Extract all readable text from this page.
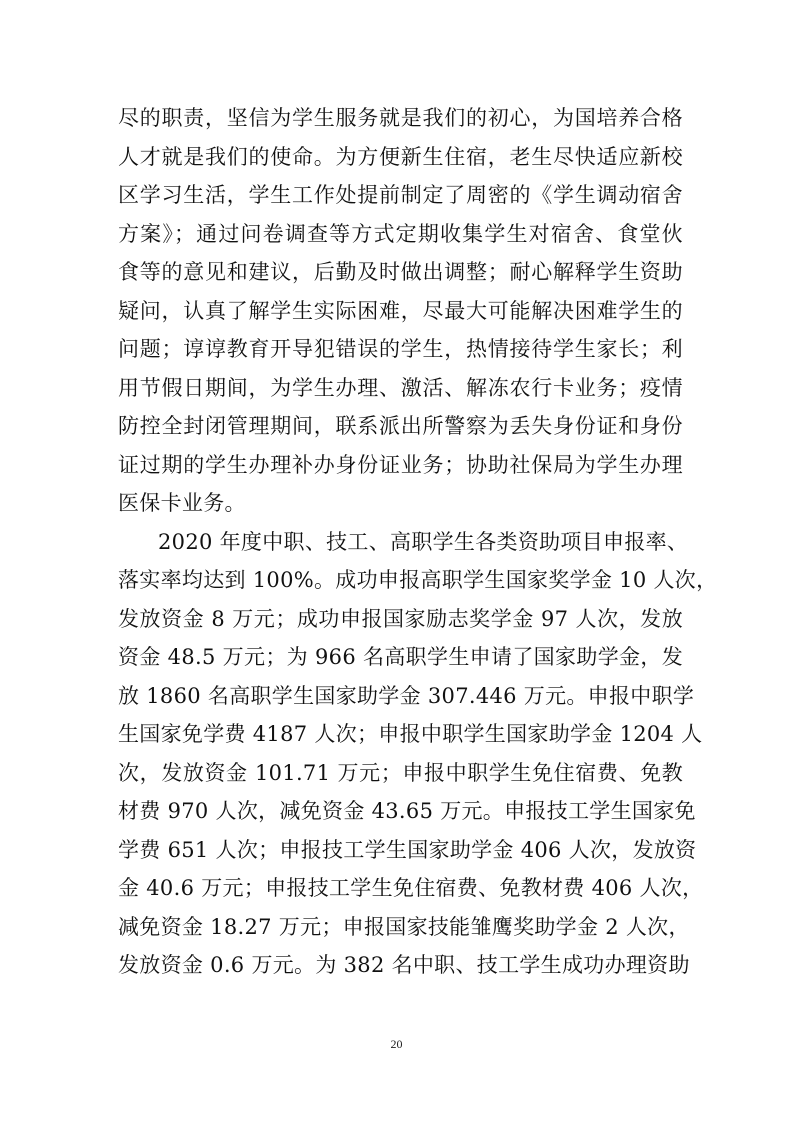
尽的职责，坚信为学生服务就是我们的初心，为国培养合格
人才就是我们的使命。为方便新生住宿，老生尽快适应新校
区学习生活，学生工作处提前制定了周密的《学生调动宿舍
方案》；通过问卷调查等方式定期收集学生对宿舍、食堂伙
食等的意见和建议，后勤及时做出调整；耐心解释学生资助
疑问，认真了解学生实际困难，尽最大可能解决困难学生的
问题；谆谆教育开导犯错误的学生，热情接待学生家长；利
用节假日期间，为学生办理、激活、解冻农行卡业务；疫情
防控全封闭管理期间，联系派出所警察为丢失身份证和身份
证过期的学生办理补办身份证业务；协助社保局为学生办理
医保卡业务。
2020 年度中职、技工、高职学生各类资助项目申报率、
落实率均达到 100%。成功申报高职学生国家奖学金 10 人次，
发放资金 8 万元；成功申报国家励志奖学金 97 人次，发放
资金 48.5 万元；为 966 名高职学生申请了国家助学金，发
放 1860 名高职学生国家助学金 307.446 万元。申报中职学
生国家免学费 4187 人次；申报中职学生国家助学金 1204 人
次，发放资金 101.71 万元；申报中职学生免住宿费、免教
材费 970 人次，减免资金 43.65 万元。申报技工学生国家免
学费 651 人次；申报技工学生国家助学金 406 人次，发放资
金 40.6 万元；申报技工学生免住宿费、免教材费 406 人次，
减免资金 18.27 万元；申报国家技能雏鹰奖助学金 2 人次，
发放资金 0.6 万元。为 382 名中职、技工学生成功办理资助
20
